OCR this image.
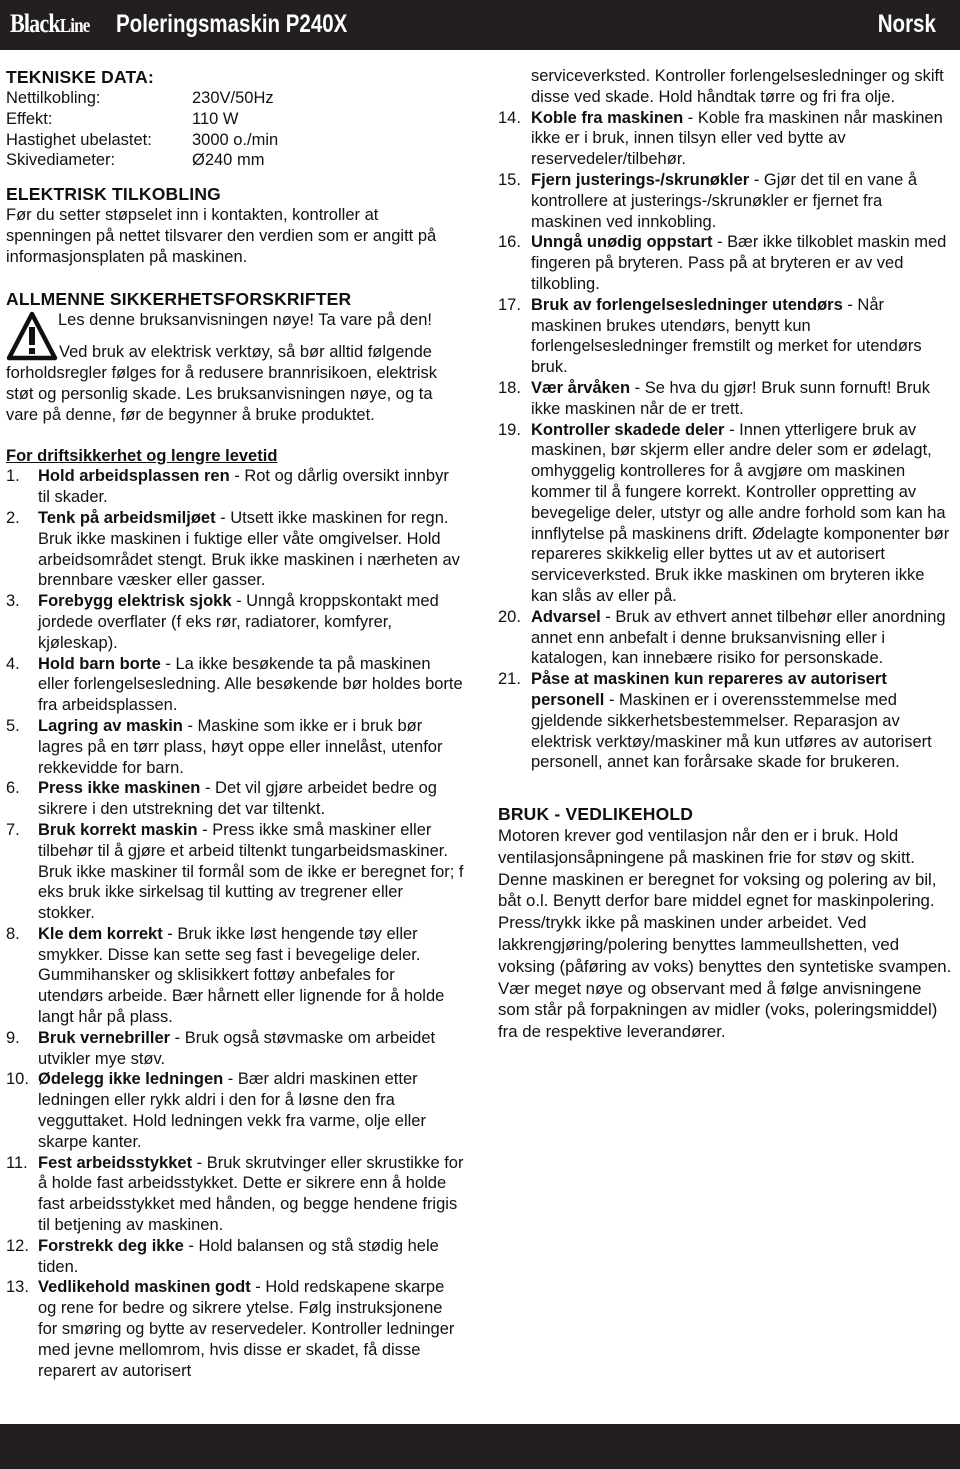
BlackLine Poleringsmaskin P240X	Norsk
TEKNISKE DATA:
Nettilkobling:	230V/50Hz
Effekt:	110 W
Hastighet ubelastet:	3000 o./min
Skivediameter:	Ø240 mm
ELEKTRISK TILKOBLING

Før du setter støpselet inn i kontakten, kontroller at spenningen på nettet tilsvarer den verdien som er angitt på informasjonsplaten på maskinen.

ALLMENNE SIKKERHETSFORSKRIFTER

Les denne bruksanvisningen nøye! Ta vare på den!

Ved bruk av elektrisk verktøy, så bør alltid følgende forholdsregler følges for å redusere brannrisikoen, elektrisk støt og personlig skade. Les bruksanvisningen nøye, og ta vare på denne, før de begynner å bruke produktet.

For driftsikkerhet og lengre levetid

1.	Hold arbeidsplassen ren - Rot og dårlig oversikt innbyr til skader.
2.	Tenk på arbeidsmiljøet - Utsett ikke maskinen for regn. Bruk ikke maskinen i fuktige eller våte omgivelser. Hold arbeidsområdet stengt. Bruk ikke maskinen i nærheten av brennbare væsker eller gasser.
3.	Forebygg elektrisk sjokk - Unngå kroppskontakt med jordede overflater (f eks rør, radiatorer, komfyrer, kjøleskap).
4.	Hold barn borte - La ikke besøkende ta på maskinen eller forlengelsesledning. Alle besøkende bør holdes borte fra arbeidsplassen.
5.	Lagring av maskin - Maskine som ikke er i bruk bør lagres på en tørr plass, høyt oppe eller innelåst, utenfor rekkevidde for barn.
6.	Press ikke maskinen - Det vil gjøre arbeidet bedre og sikrere i den utstrekning det var tiltenkt.
7.	Bruk korrekt maskin - Press ikke små maskiner eller tilbehør til å gjøre et arbeid tiltenkt tungarbeidsmaskiner. Bruk ikke maskiner til formål som de ikke er beregnet for; f eks bruk ikke sirkelsag til kutting av tregrener eller stokker.
8.	Kle dem korrekt - Bruk ikke løst hengende tøy eller smykker. Disse kan sette seg fast i bevegelige deler. Gummihansker og sklisikkert fottøy anbefales for utendørs arbeide. Bær hårnett eller lignende for å holde langt hår på plass.
9.	Bruk vernebriller - Bruk også støvmaske om arbeidet utvikler mye støv.
10. Ødelegg ikke ledningen - Bær aldri maskinen etter ledningen eller rykk aldri i den for å løsne den fra vegguttaket. Hold ledningen vekk fra varme, olje eller skarpe kanter.
11. Fest arbeidsstykket - Bruk skrutvinger eller skrustikke for å holde fast arbeidsstykket. Dette er sikrere enn å holde fast arbeidsstykket med hånden, og begge hendene frigis til betjening av maskinen.
12. Forstrekk deg ikke - Hold balansen og stå stødig hele tiden.
13. Vedlikehold maskinen godt - Hold redskapene skarpe og rene for bedre og sikrere ytelse. Følg instruksjonene for smøring og bytte av reservedeler. Kontroller ledninger med jevne mellomrom, hvis disse er skadet, få disse reparert av autorisert

serviceverksted. Kontroller forlengelsesledninger og skift disse ved skade. Hold håndtak tørre og fri fra olje.

14. Koble fra maskinen - Koble fra maskinen når maskinen ikke er i bruk, innen tilsyn eller ved bytte av reservedeler/tilbehør.
15. Fjern justerings-/skrunøkler - Gjør det til en vane å kontrollere at justerings-/skrunøkler er fjernet fra maskinen ved innkobling.
16. Unngå unødig oppstart - Bær ikke tilkoblet maskin med fingeren på bryteren. Pass på at bryteren er av ved tilkobling.
17. Bruk av forlengelsesledninger utendørs - Når maskinen brukes utendørs, benytt kun forlengelsesledninger fremstilt og merket for utendørs bruk.
18. Vær årvåken - Se hva du gjør! Bruk sunn fornuft! Bruk ikke maskinen når de er trett.
19. Kontroller skadede deler - Innen ytterligere bruk av maskinen, bør skjerm eller andre deler som er ødelagt, omhyggelig kontrolleres for å avgjøre om maskinen kommer til å fungere korrekt. Kontroller oppretting av bevegelige deler, utstyr og alle andre forhold som kan ha innflytelse på maskinens drift. Ødelagte komponenter bør repareres skikkelig eller byttes ut av et autorisert serviceverksted. Bruk ikke maskinen om bryteren ikke kan slås av eller på.
20. Advarsel - Bruk av ethvert annet tilbehør eller anordning annet enn anbefalt i denne bruksanvisning eller i katalogen, kan innebære risiko for personskade.
21. Påse at maskinen kun repareres av autorisert personell - Maskinen er i overensstemmelse med gjeldende sikkerhetsbestemmelser. Reparasjon av elektrisk verktøy/maskiner må kun utføres av autorisert personell, annet kan forårsake skade for brukeren.
BRUK - VEDLIKEHOLD

Motoren krever god ventilasjon når den er i bruk. Hold ventilasjonsåpningene på maskinen frie for støv og skitt. Denne maskinen er beregnet for voksing og polering av bil, båt o.l. Benytt derfor bare middel egnet for maskinpolering. Press/trykk ikke på maskinen under arbeidet. Ved lakkrengjøring/polering benyttes lammeullshetten, ved voksing (påføring av voks) benyttes den syntetiske svampen. Vær meget nøye og observant med å følge anvisningene som står på forpakningen av midler (voks, poleringsmiddel) fra de respektive leverandører.
